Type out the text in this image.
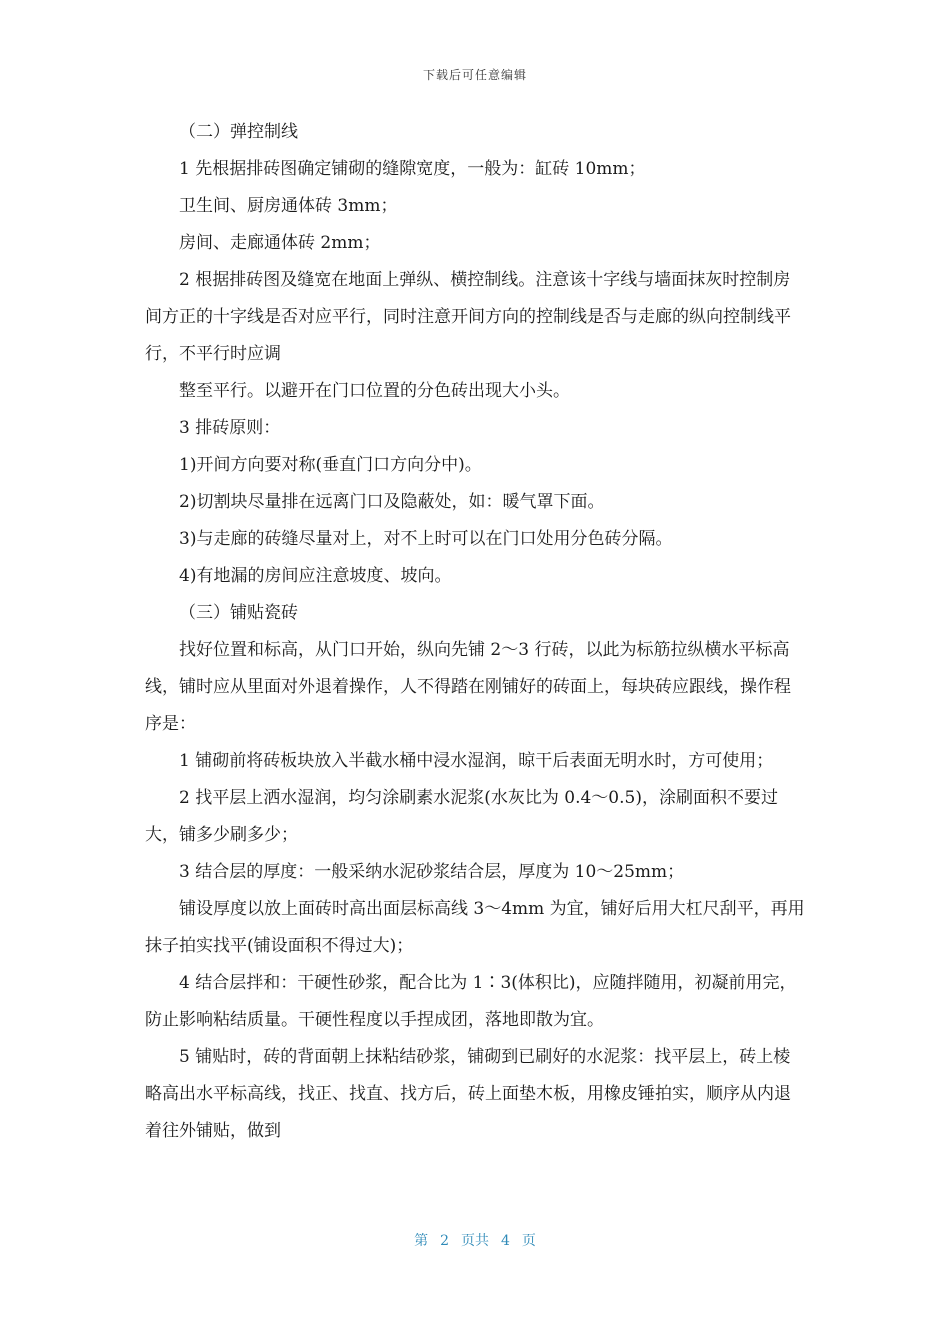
下载后可任意编辑

（二）弹控制线

1 先根据排砖图确定铺砌的缝隙宽度，一般为：缸砖 10mm；

卫生间、厨房通体砖 3mm；

房间、走廊通体砖 2mm；

2 根据排砖图及缝宽在地面上弹纵、横控制线。注意该十字线与墙面抹灰时控制房间方正的十字线是否对应平行，同时注意开间方向的控制线是否与走廊的纵向控制线平行，不平行时应调

整至平行。以避开在门口位置的分色砖出现大小头。

3 排砖原则：

1)开间方向要对称(垂直门口方向分中)。

2)切割块尽量排在远离门口及隐蔽处，如：暖气罩下面。

3)与走廊的砖缝尽量对上，对不上时可以在门口处用分色砖分隔。

4)有地漏的房间应注意坡度、坡向。

（三）铺贴瓷砖

找好位置和标高，从门口开始，纵向先铺 2～3 行砖，以此为标筋拉纵横水平标高线，铺时应从里面对外退着操作，人不得踏在刚铺好的砖面上，每块砖应跟线，操作程序是：

1 铺砌前将砖板块放入半截水桶中浸水湿润，晾干后表面无明水时，方可使用；

2 找平层上洒水湿润，均匀涂刷素水泥浆(水灰比为 0.4～0.5)，涂刷面积不要过大，铺多少刷多少；

3 结合层的厚度：一般采纳水泥砂浆结合层，厚度为 10～25mm；

铺设厚度以放上面砖时高出面层标高线 3～4mm 为宜，铺好后用大杠尺刮平，再用抹子拍实找平(铺设面积不得过大)；

4 结合层拌和：干硬性砂浆，配合比为 1∶3(体积比)，应随拌随用，初凝前用完，防止影响粘结质量。干硬性程度以手捏成团，落地即散为宜。

5 铺贴时，砖的背面朝上抹粘结砂浆，铺砌到已刷好的水泥浆：找平层上，砖上棱略高出水平标高线，找正、找直、找方后，砖上面垫木板，用橡皮锤拍实，顺序从内退着往外铺贴，做到

第 2 页共 4 页
